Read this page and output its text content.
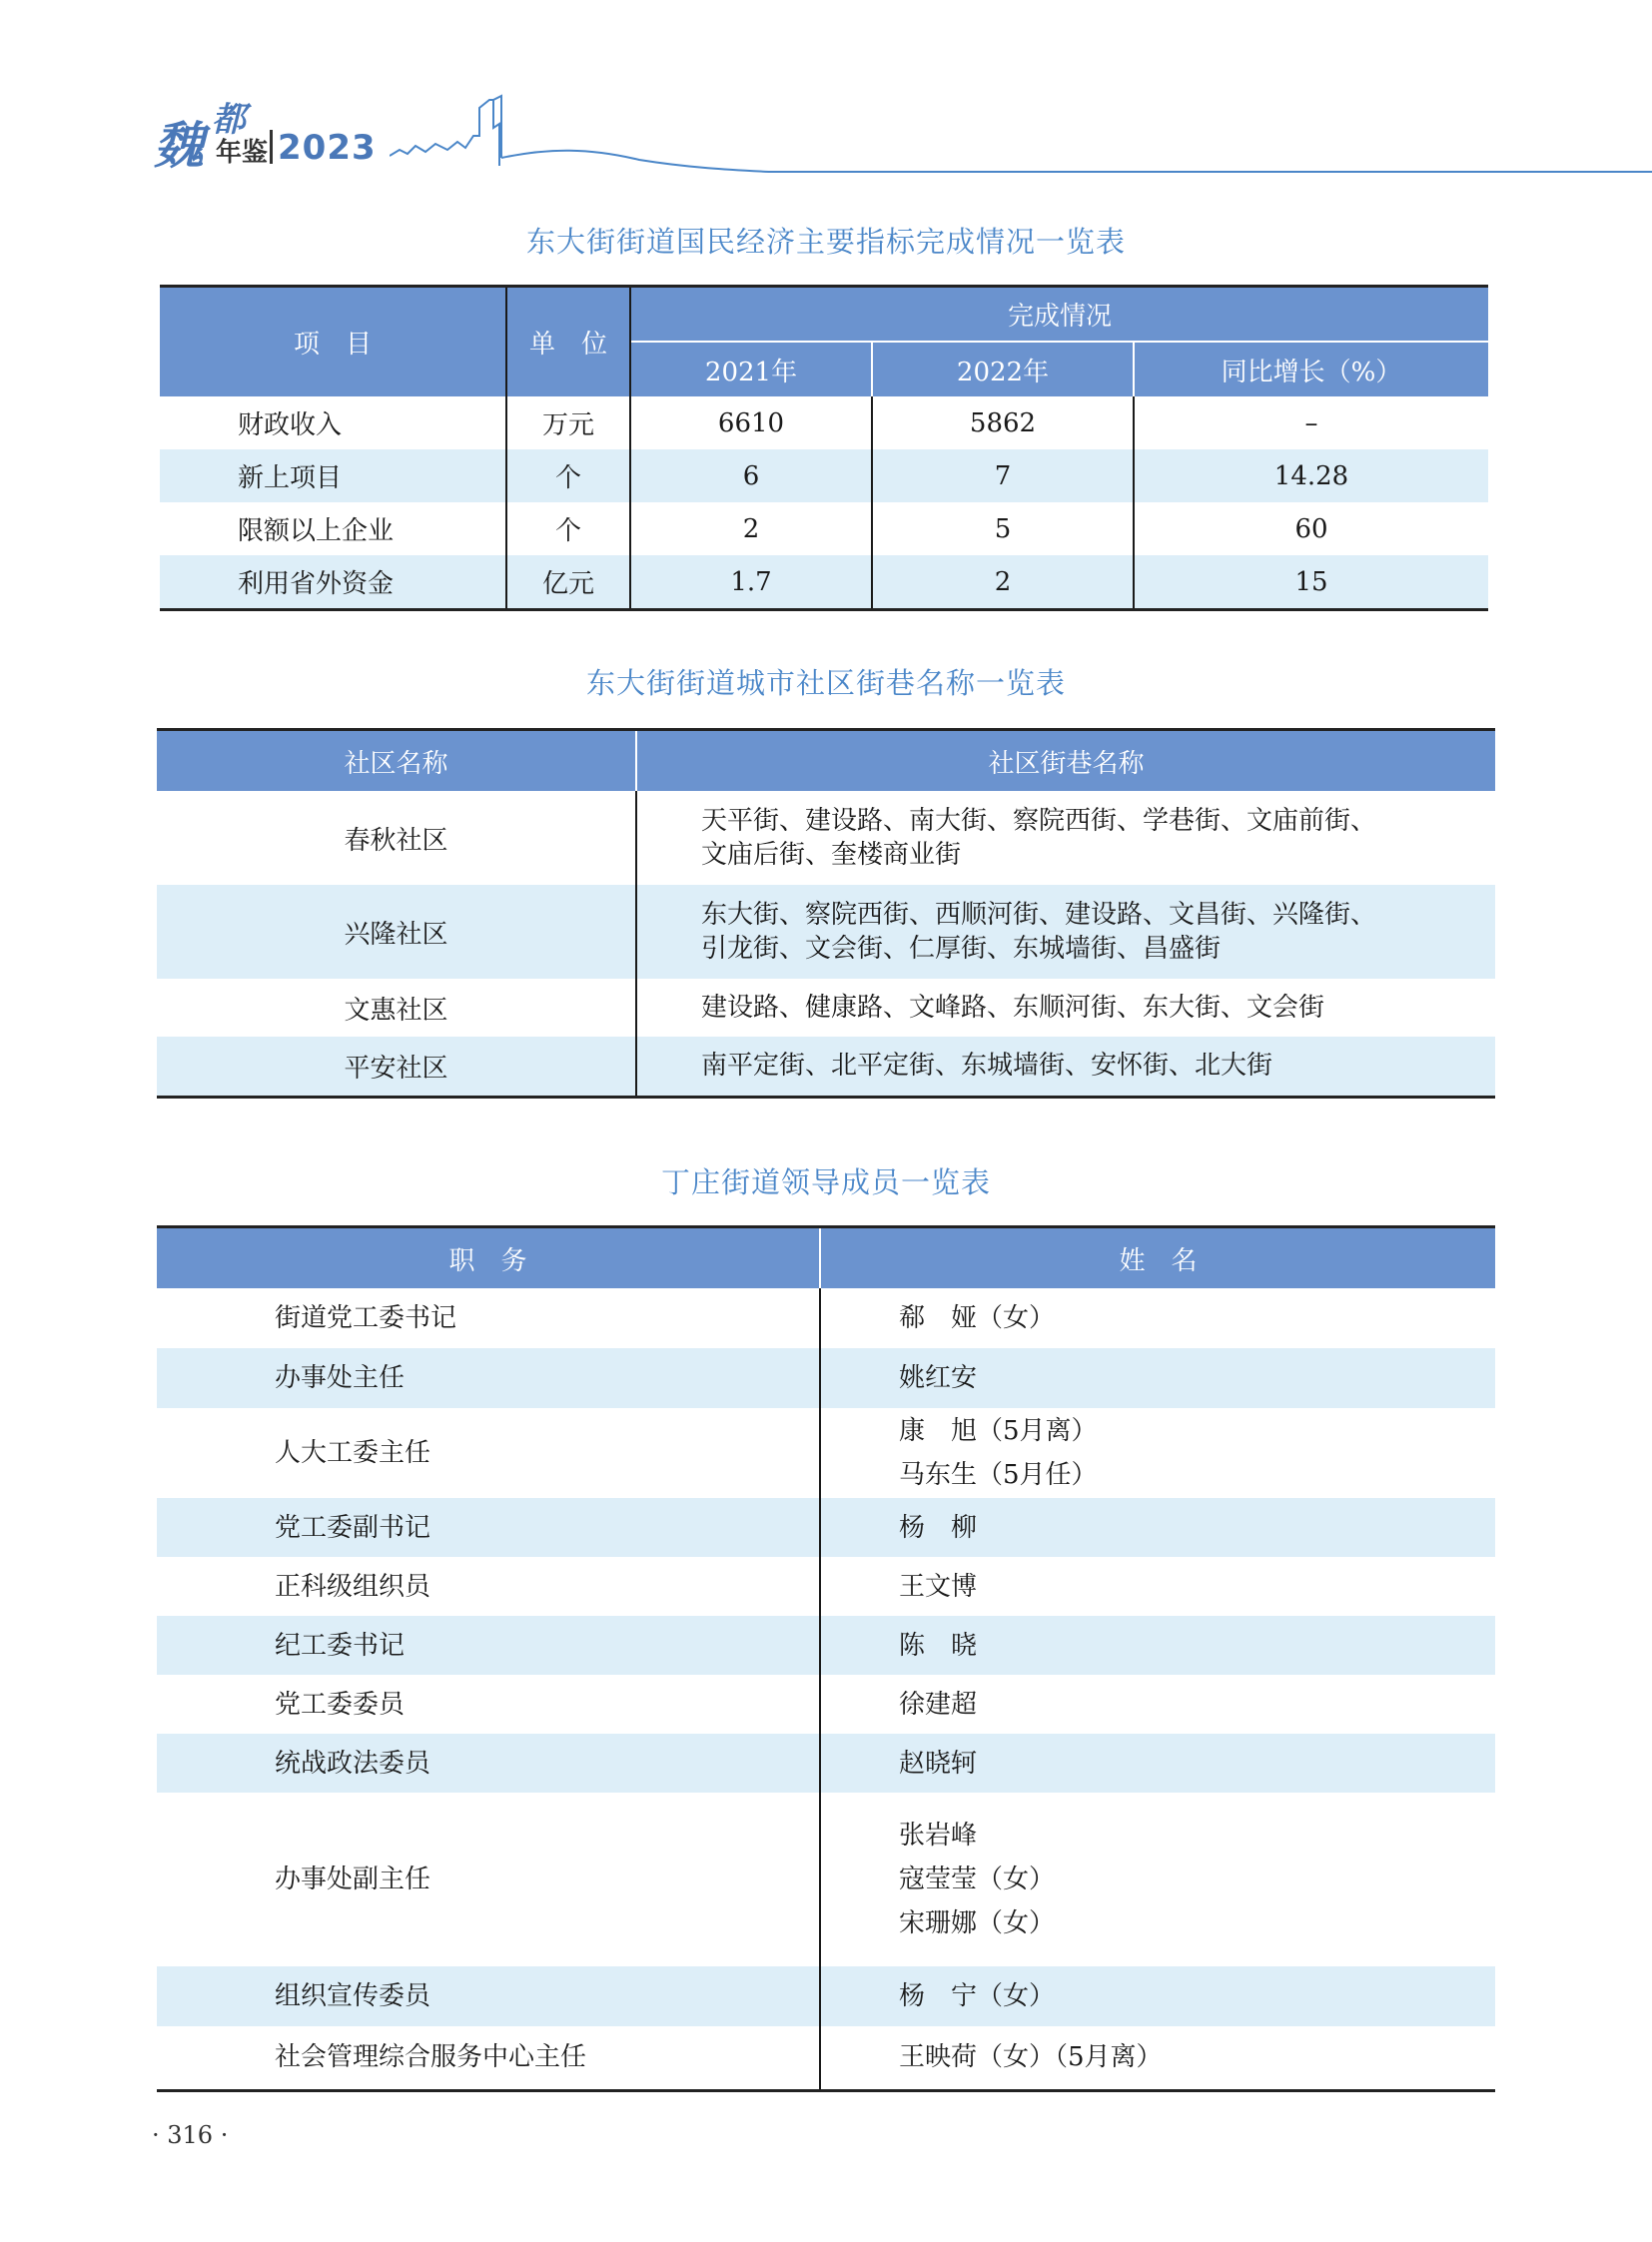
都
魏 年鉴 2023
东大街街道国民经济主要指标完成情况一览表
项　目	单　位	完成情况		
		2021年	2022年	同比增长（%）
财政收入	万元	6610	5862	–
新上项目	个	6	7	14.28
限额以上企业	个	2	5	60
利用省外资金	亿元	1.7	2	15
东大街街道城市社区街巷名称一览表
社区名称	社区街巷名称
春秋社区	天平街、建设路、南大街、察院西街、学巷街、文庙前街、
文庙后街、奎楼商业街

兴隆社区	东大街、察院西街、西顺河街、建设路、文昌街、兴隆街、
引龙街、文会街、仁厚街、东城墙街、昌盛街

文惠社区	建设路、健康路、文峰路、东顺河街、东大街、文会街

平安社区	南平定街、北平定街、东城墙街、安怀街、北大街
丁庄街道领导成员一览表
职　务	姓　名
街道党工委书记	郗　娅（女）
办事处主任	姚红安
人大工委主任	康　旭（5月离）
马东生（5月任）

党工委副书记	杨　柳
正科级组织员	王文博
纪工委书记	陈　晓
党工委委员	徐建超
统战政法委员	赵晓轲
办事处副主任	张岩峰
寇莹莹（女）
宋珊娜（女）

组织宣传委员	杨　宁（女）
社会管理综合服务中心主任	王映荷（女）（5月离）
· 316 ·
